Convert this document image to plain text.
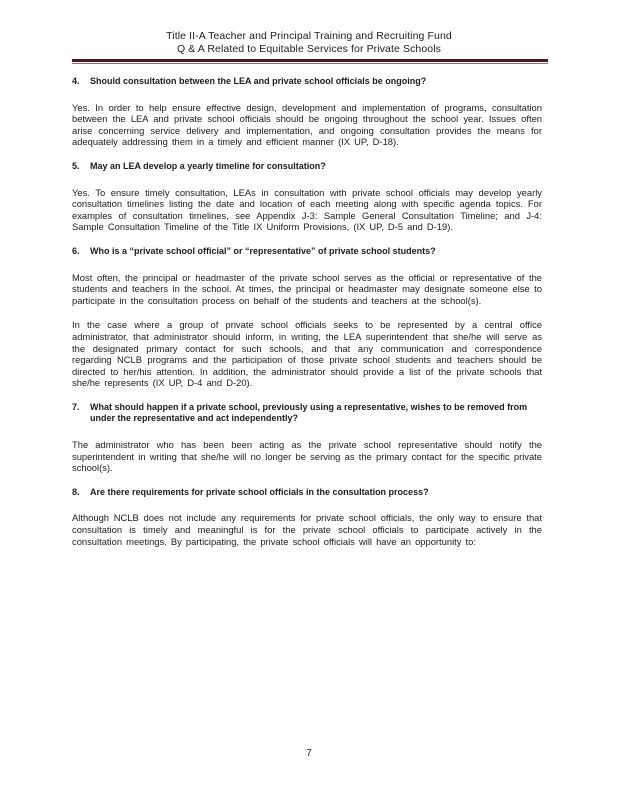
Title II-A Teacher and Principal Training and Recruiting Fund
Q & A Related to Equitable Services for Private Schools
4.	Should consultation between the LEA and private school officials be ongoing?
Yes. In order to help ensure effective design, development and implementation of programs, consultation between the LEA and private school officials should be ongoing throughout the school year. Issues often arise concerning service delivery and implementation, and ongoing consultation provides the means for adequately addressing them in a timely and efficient manner (IX UP, D-18).
5.	May an LEA develop a yearly timeline for consultation?
Yes. To ensure timely consultation, LEAs in consultation with private school officials may develop yearly consultation timelines listing the date and location of each meeting along with specific agenda topics. For examples of consultation timelines, see Appendix J-3: Sample General Consultation Timeline; and J-4: Sample Consultation Timeline of the Title IX Uniform Provisions, (IX UP, D-5 and D-19).
6.	Who is a “private school official” or “representative” of private school students?
Most often, the principal or headmaster of the private school serves as the official or representative of the students and teachers in the school. At times, the principal or headmaster may designate someone else to participate in the consultation process on behalf of the students and teachers at the school(s).
In the case where a group of private school officials seeks to be represented by a central office administrator, that administrator should inform, in writing, the LEA superintendent that she/he will serve as the designated primary contact for such schools, and that any communication and correspondence regarding NCLB programs and the participation of those private school students and teachers should be directed to her/his attention. In addition, the administrator should provide a list of the private schools that she/he represents (IX UP, D-4 and D-20).
7.	What should happen if a private school, previously using a representative, wishes to be removed from under the representative and act independently?
The administrator who has been been acting as the private school representative should notify the superintendent in writing that she/he will no longer be serving as the primary contact for the specific private school(s).
8.	Are there requirements for private school officials in the consultation process?
Although NCLB does not include any requirements for private school officials, the only way to ensure that consultation is timely and meaningful is for the private school officials to participate actively in the consultation meetings. By participating, the private school officials will have an opportunity to:
7
